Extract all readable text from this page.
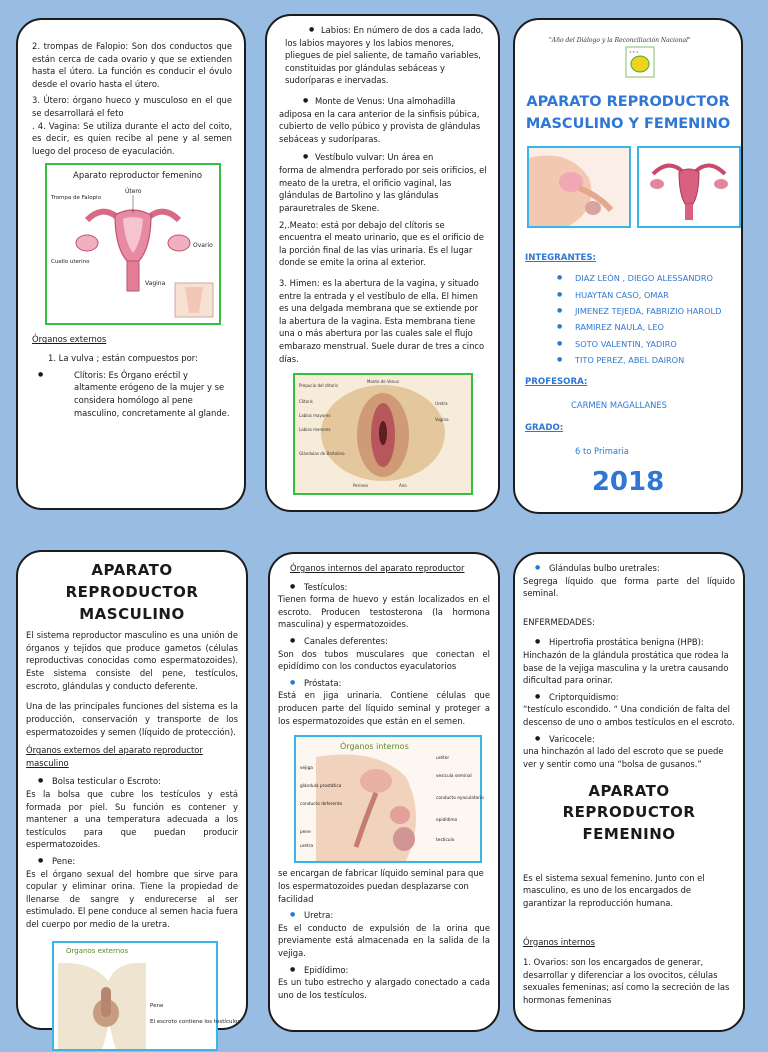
2. trompas de Falopio: Son dos conductos que están cerca de cada ovario y que se extienden hasta el útero. La función es conducir el óvulo desde el ovario hasta el útero.

3. Útero: órgano hueco y musculoso en el que se desarrollará el feto

. 4. Vagina: Se utiliza durante el acto del coito, es decir, es quien recibe al pene y al semen luego del proceso de eyaculación.

Aparato reproductor femenino
Útero
Trompa de Falopio
Ovario
Cuello uterino
Vagina

Órganos externos

1. La vulva ; están compuestos por:

● Clítoris: Es Órgano eréctil y altamente erógeno de la mujer y se considera homólogo al pene masculino, concretamente al glande.

● Labios: En número de dos a cada lado, los labios mayores y los labios menores, pliegues de piel saliente, de tamaño variables, constituidas por glándulas sebáceas y sudoríparas e inervadas.

● Monte de Venus: Una almohadilla adiposa en la cara anterior de la sinfisis púbica, cubierto de vello púbico y provista de glándulas sebáceas y sudoríparas.

● Vestíbulo vulvar: Un área en

forma de almendra perforado por seis orificios, el meato de la uretra, el orificio vaginal, las glándulas de Bartolino y las glándulas parauretrales de Skene.

2,.Meato: está por debajo del clítoris se encuentra el meato urinario, que es el orificio de la porción final de las vías urinaria. Es el lugar donde se emite la orina al exterior.

3. Himen: es la abertura de la vagina, y situado entre la entrada y el vestíbulo de ella. El himen es una delgada membrana que se extiende por la abertura de la vagina. Esta membrana tiene una o más abertura por las cuales sale el flujo embarazo menstrual. Suele durar de tres a cinco días.

Prepucio del clítoris
Monte de Venus
Clítoris
Labios mayores
Labios menores
Uretra
Vagina
Glándulas de Bartolino
Perineo	Ano
"Año del Diálogo y la Reconciliación Nacional"
✦ ✦ ✦

APARATO REPRODUCTOR MASCULINO Y FEMENINO

INTEGRANTES:

● DIAZ LEÓN , DIEGO ALESSANDRO

● HUAYTAN CASO, OMAR

● JIMENEZ TEJEDA, FABRIZIO HAROLD

● RAMIREZ NAULA, LEO

● SOTO VALENTIN, YADIRO

● TITO PEREZ, ABEL DAIRON

PROFESORA:

CARMEN MAGALLANES

GRADO:

6 to Primaria

2018

APARATO REPRODUCTOR MASCULINO

El sistema reproductor masculino es una unión de órganos y tejidos que produce gametos (células reproductivas conocidas como espermatozoides). Este sistema consiste del pene, testículos, escroto, glándulas y conducto deferente.

Una de las principales funciones del sistema es la producción, conservación y transporte de los espermatozoides y semen (líquido de protección).

Órganos externos del aparato reproductor masculino

● Bolsa testicular o Escroto:

Es la bolsa que cubre los testículos y está formada por piel. Su función es contener y mantener a una temperatura adecuada a los testículos para que puedan producir espermatozoides.

● Pene:

Es el órgano sexual del hombre que sirve para copular y eliminar orina. Tiene la propiedad de llenarse de sangre y endurecerse al ser estimulado. El pene conduce al semen hacia fuera del cuerpo por medio de la uretra.

Órganos externos
Pene
El escroto contiene los testículos

Órganos internos del aparato reproductor

● Testículos:

Tienen forma de huevo y están localizados en el escroto. Producen testosterona (la hormona masculina) y espermatozoides.

● Canales deferentes:

Son dos tubos musculares que conectan el epidídimo con los conductos eyaculatorios

● Próstata:

Está en jiga urinaria. Contiene células que producen parte del líquido seminal y proteger a los espermatozoides que están en el semen.

Órganos internos
vejiga
glándula prostática
conducto deferente
pene
uretra
uréter
vesícula seminal
conducto eyaculatorio
epidídimo
testículo

se encargan de fabricar líquido seminal para que los espermatozoides puedan desplazarse con facilidad

● Uretra:

Es el conducto de expulsión de la orina que previamente está almacenada en la salida de la vejiga.

● Epidídimo:

Es un tubo estrecho y alargado conectado a cada uno de los testículos.

● Glándulas bulbo uretrales:

Segrega líquido que forma parte del líquido seminal.

ENFERMEDADES:

● Hipertrofia prostática benigna (HPB):

Hinchazón de la glándula prostática que rodea la base de la vejiga masculina y la uretra causando dificultad para orinar.

● Criptorquidismo:

“testículo escondido. “ Una condición de falta del descenso de uno o ambos testículos en el escroto.

● Varicocele:

una hinchazón al lado del escroto que se puede ver y sentir como una “bolsa de gusanos.”

APARATO REPRODUCTOR FEMENINO

Es el sistema sexual femenino. Junto con el masculino, es uno de los encargados de garantizar la reproducción humana.

Órganos internos

1. Ovarios: son los encargados de generar, desarrollar y diferenciar a los ovocitos, células sexuales femeninas; así como la secreción de las hormonas femeninas
